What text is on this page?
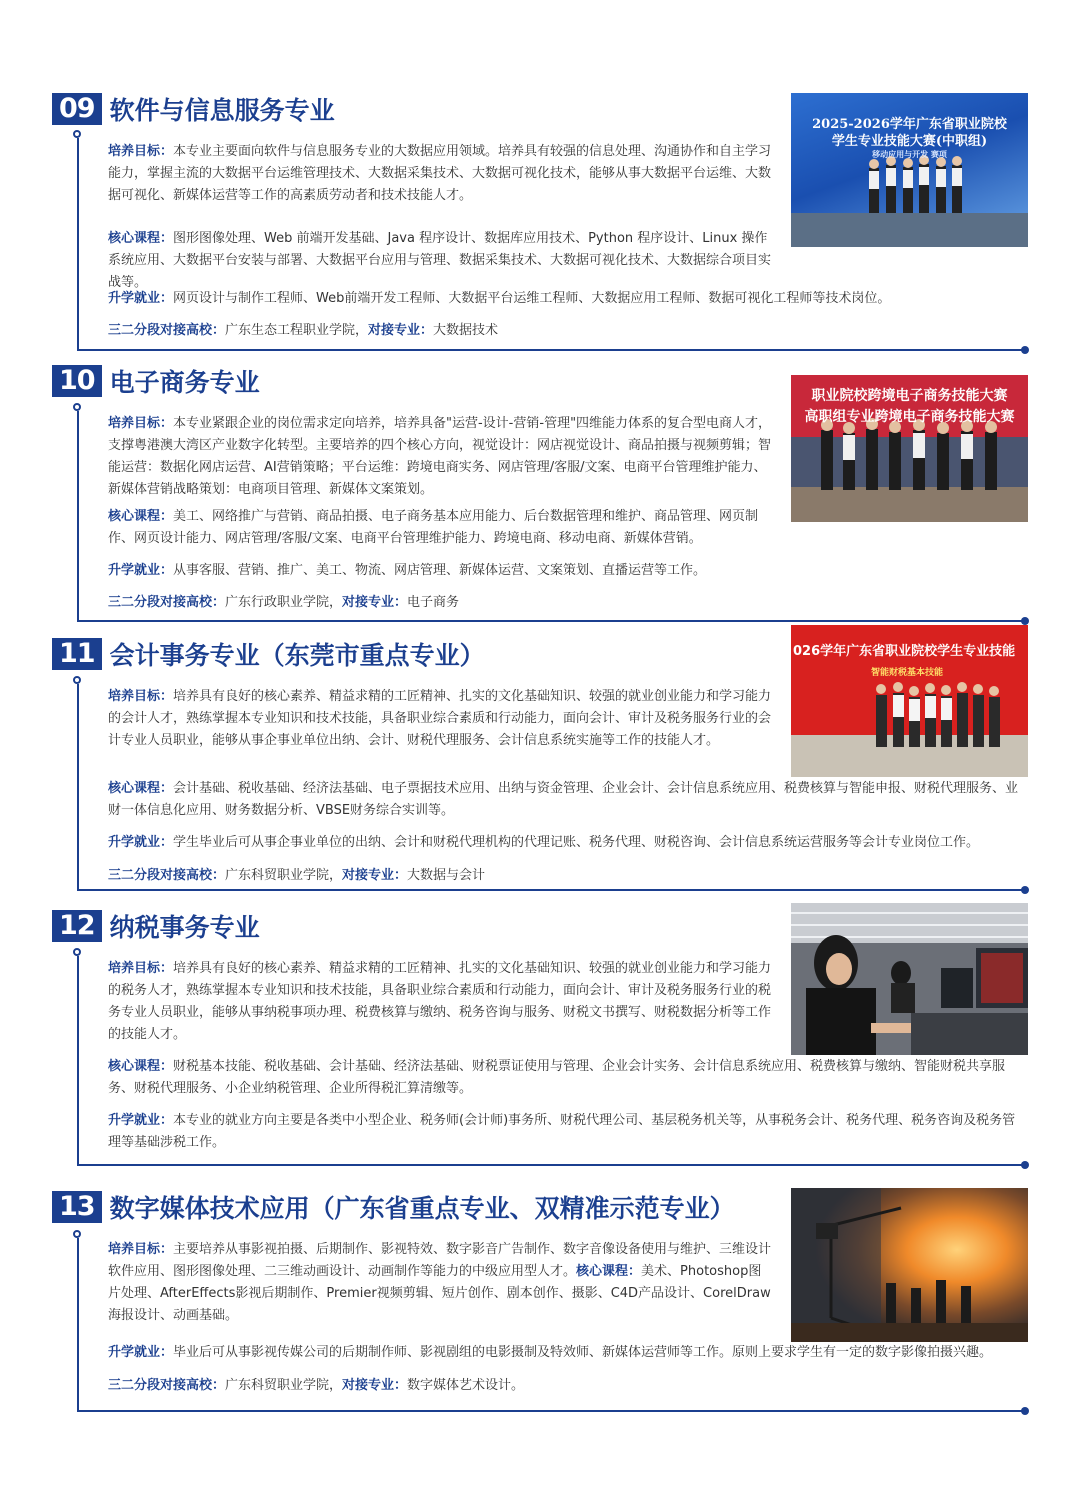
09 软件与信息服务专业
培养目标：本专业主要面向软件与信息服务专业的大数据应用领域。培养具有较强的信息处理、沟通协作和自主学习能力，掌握主流的大数据平台运维管理技术、大数据采集技术、大数据可视化技术，能够从事大数据平台运维、大数据可视化、新媒体运营等工作的高素质劳动者和技术技能人才。
核心课程：图形图像处理、Web 前端开发基础、Java 程序设计、数据库应用技术、Python 程序设计、Linux 操作系统应用、大数据平台安装与部署、大数据平台应用与管理、数据采集技术、大数据可视化技术、大数据综合项目实战等。
升学就业：网页设计与制作工程师、Web前端开发工程师、大数据平台运维工程师、大数据应用工程师、数据可视化工程师等技术岗位。
三二分段对接高校：广东生态工程职业学院，对接专业：大数据技术
2025-2026学年广东省职业院校
学生专业技能大赛(中职组)
移动应用与开发 赛项
10 电子商务专业
培养目标：本专业紧跟企业的岗位需求定向培养，培养具备"运营-设计-营销-管理"四维能力体系的复合型电商人才，支撑粤港澳大湾区产业数字化转型。主要培养的四个核心方向，视觉设计：网店视觉设计、商品拍摄与视频剪辑；智能运营：数据化网店运营、AI营销策略；平台运维：跨境电商实务、网店管理/客服/文案、电商平台管理维护能力、新媒体营销战略策划：电商项目管理、新媒体文案策划。
核心课程：美工、网络推广与营销、商品拍摄、电子商务基本应用能力、后台数据管理和维护、商品管理、网页制作、网页设计能力、网店管理/客服/文案、电商平台管理维护能力、跨境电商、移动电商、新媒体营销。
升学就业：从事客服、营销、推广、美工、物流、网店管理、新媒体运营、文案策划、直播运营等工作。
三二分段对接高校：广东行政职业学院，对接专业：电子商务
职业院校跨境电子商务技能大赛
高职组专业跨境电子商务技能大赛
11 会计事务专业（东莞市重点专业）
培养目标：培养具有良好的核心素养、精益求精的工匠精神、扎实的文化基础知识、较强的就业创业能力和学习能力的会计人才，熟练掌握本专业知识和技术技能，具备职业综合素质和行动能力，面向会计、审计及税务服务行业的会计专业人员职业，能够从事企事业单位出纳、会计、财税代理服务、会计信息系统实施等工作的技能人才。
核心课程：会计基础、税收基础、经济法基础、电子票据技术应用、出纳与资金管理、企业会计、会计信息系统应用、税费核算与智能申报、财税代理服务、业财一体信息化应用、财务数据分析、VBSE财务综合实训等。
升学就业：学生毕业后可从事企事业单位的出纳、会计和财税代理机构的代理记账、税务代理、财税咨询、会计信息系统运营服务等会计专业岗位工作。
三二分段对接高校：广东科贸职业学院，对接专业：大数据与会计
026学年广东省职业院校学生专业技能
智能财税基本技能
12 纳税事务专业
培养目标：培养具有良好的核心素养、精益求精的工匠精神、扎实的文化基础知识、较强的就业创业能力和学习能力的税务人才，熟练掌握本专业知识和技术技能，具备职业综合素质和行动能力，面向会计、审计及税务服务行业的税务专业人员职业，能够从事纳税事项办理、税费核算与缴纳、税务咨询与服务、财税文书撰写、财税数据分析等工作的技能人才。
核心课程：财税基本技能、税收基础、会计基础、经济法基础、财税票证使用与管理、企业会计实务、会计信息系统应用、税费核算与缴纳、智能财税共享服务、财税代理服务、小企业纳税管理、企业所得税汇算清缴等。
升学就业：本专业的就业方向主要是各类中小型企业、税务师(会计师)事务所、财税代理公司、基层税务机关等，从事税务会计、税务代理、税务咨询及税务管理等基础涉税工作。
13 数字媒体技术应用（广东省重点专业、双精准示范专业）
培养目标：主要培养从事影视拍摄、后期制作、影视特效、数字影音广告制作、数字音像设备使用与维护、三维设计软件应用、图形图像处理、二三维动画设计、动画制作等能力的中级应用型人才。核心课程：美术、Photoshop图片处理、AfterEffects影视后期制作、Premier视频剪辑、短片创作、剧本创作、摄影、C4D产品设计、CorelDraw海报设计、动画基础。
升学就业：毕业后可从事影视传媒公司的后期制作师、影视剧组的电影摄制及特效师、新媒体运营师等工作。原则上要求学生有一定的数字影像拍摄兴趣。
三二分段对接高校：广东科贸职业学院，对接专业：数字媒体艺术设计。
